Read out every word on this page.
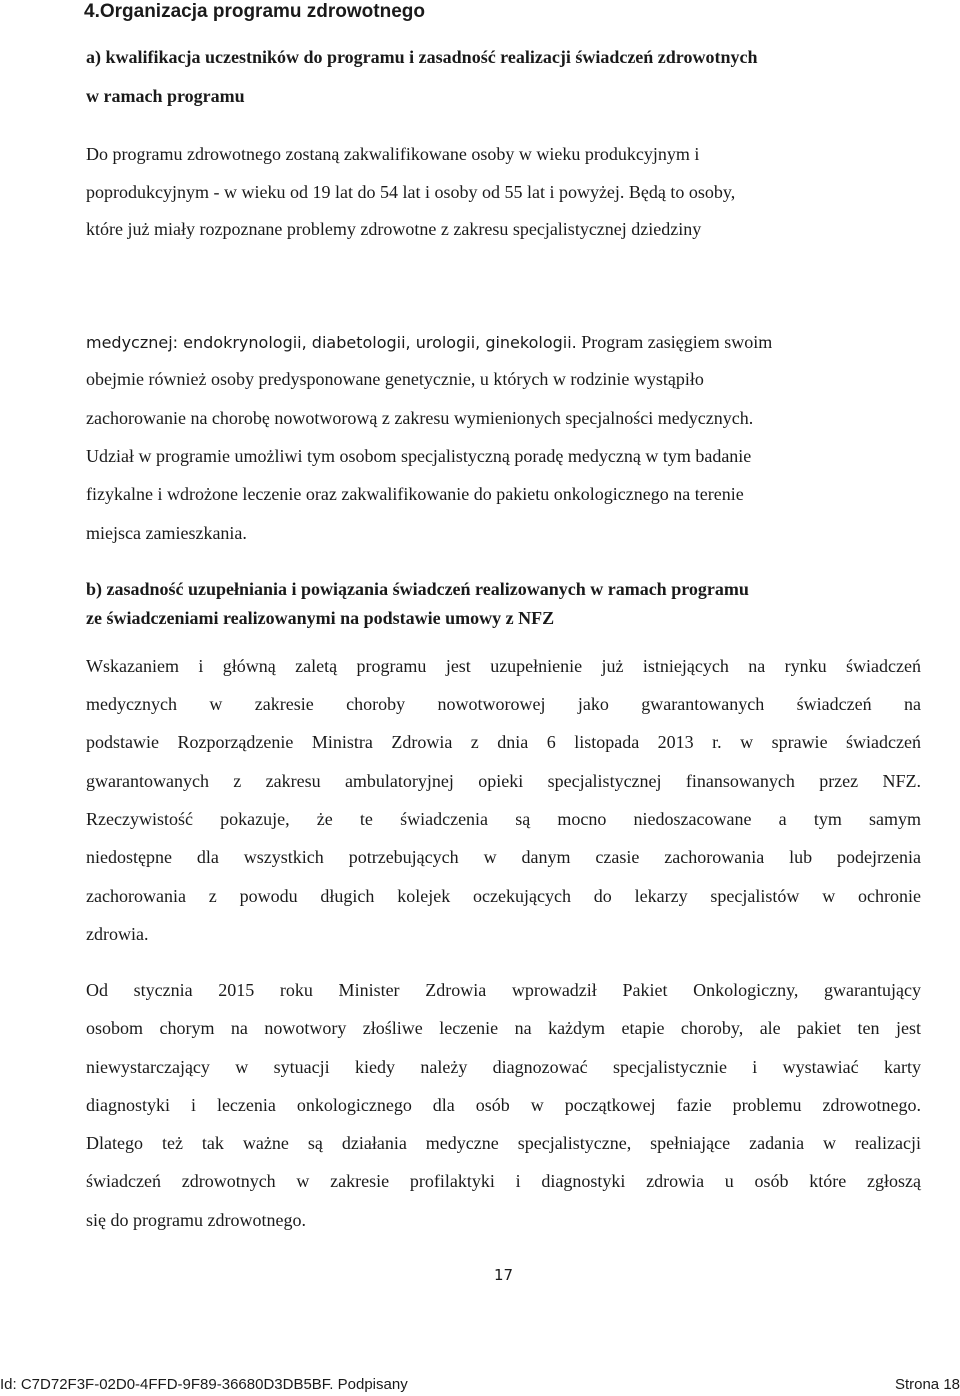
4.Organizacja programu zdrowotnego
a) kwalifikacja uczestników do programu i zasadność realizacji świadczeń zdrowotnych
w ramach programu
Do programu zdrowotnego zostaną zakwalifikowane osoby w wieku produkcyjnym i
poprodukcyjnym - w wieku od 19 lat do 54 lat i osoby od 55 lat i powyżej. Będą to osoby,
które już miały rozpoznane problemy zdrowotne z zakresu specjalistycznej dziedziny
medycznej: endokrynologii, diabetologii, urologii, ginekologii. Program zasięgiem swoim
obejmie również osoby predysponowane genetycznie, u których w rodzinie wystąpiło
zachorowanie na chorobę nowotworową z zakresu wymienionych specjalności medycznych.
Udział w programie umożliwi tym osobom specjalistyczną poradę medyczną w tym badanie
fizykalne i wdrożone leczenie oraz zakwalifikowanie do pakietu onkologicznego na terenie
miejsca zamieszkania.
b) zasadność uzupełniania i powiązania świadczeń realizowanych w ramach programu
ze świadczeniami realizowanymi na podstawie umowy z NFZ
Wskazaniem i główną zaletą programu jest uzupełnienie już istniejących na rynku świadczeń
medycznych w zakresie choroby nowotworowej jako gwarantowanych świadczeń na
podstawie Rozporządzenie Ministra Zdrowia z dnia 6 listopada 2013 r. w sprawie świadczeń
gwarantowanych z zakresu ambulatoryjnej opieki specjalistycznej finansowanych przez NFZ.
Rzeczywistość pokazuje, że te świadczenia są mocno niedoszacowane a tym samym
niedostępne dla wszystkich potrzebujących w danym czasie zachorowania lub podejrzenia
zachorowania z powodu długich kolejek oczekujących do lekarzy specjalistów w ochronie
zdrowia.
Od stycznia 2015 roku Minister Zdrowia wprowadził Pakiet Onkologiczny, gwarantujący
osobom chorym na nowotwory złośliwe leczenie na każdym etapie choroby, ale pakiet ten jest
niewystarczający w sytuacji kiedy należy diagnozować specjalistycznie i wystawiać karty
diagnostyki i leczenia onkologicznego dla osób w początkowej fazie problemu zdrowotnego.
Dlatego też tak ważne są działania medyczne specjalistyczne, spełniające zadania w realizacji
świadczeń zdrowotnych w zakresie profilaktyki i diagnostyki zdrowia u osób które zgłoszą
się do programu zdrowotnego.
17
Id: C7D72F3F-02D0-4FFD-9F89-36680D3DB5BF. Podpisany	Strona 18
